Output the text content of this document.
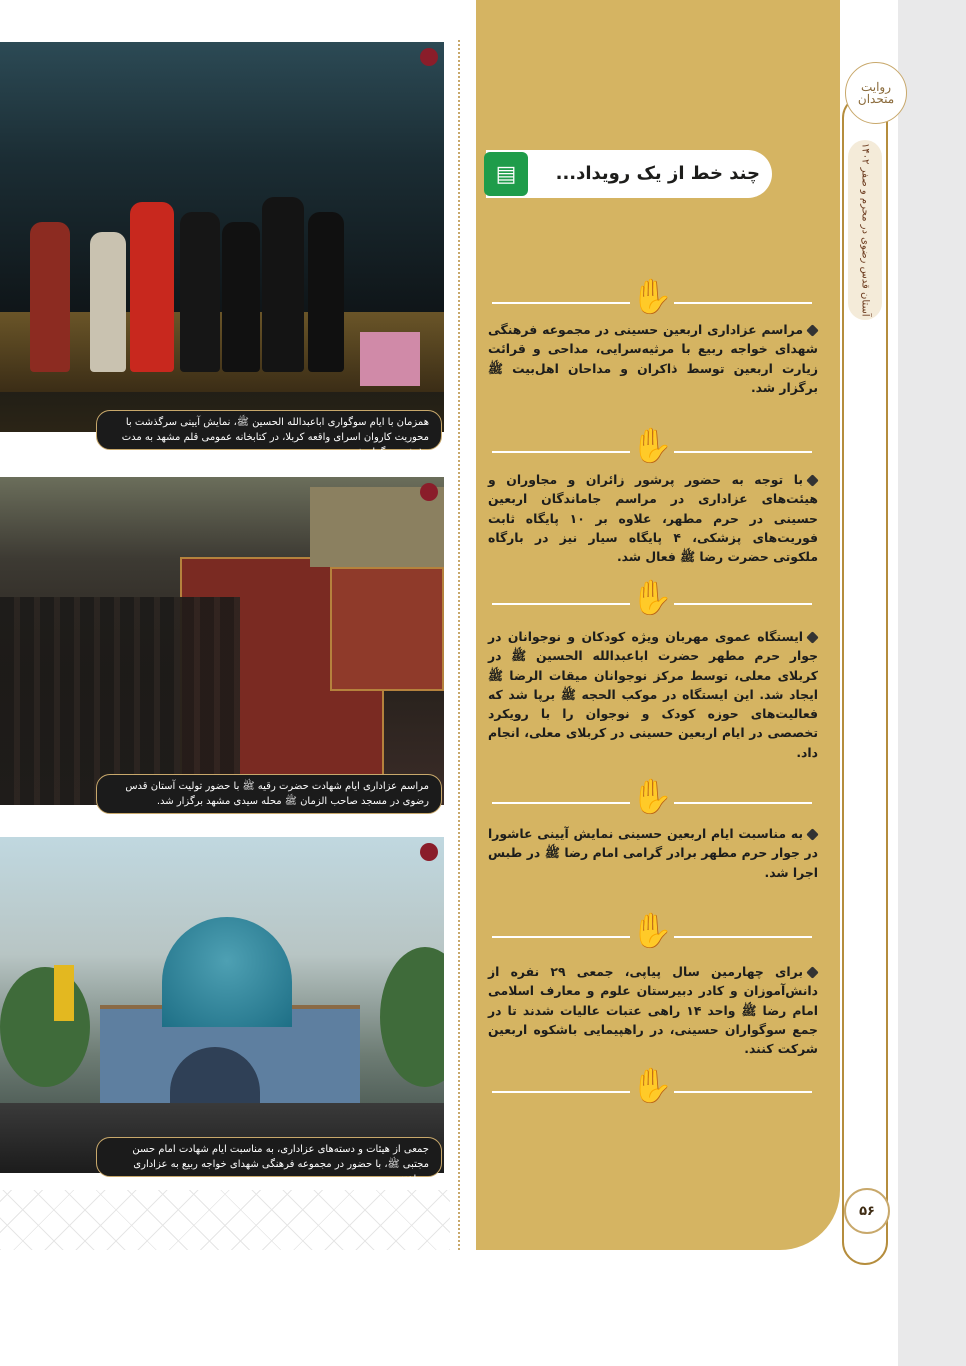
آستان قدس رضوی در محرم و صفر ۱۴۰۲
روایت متحدان
۵۶
چند خط از یک رویداد...
▤
✋
✋
✋
✋
✋
✋
مراسم عزاداری اربعین حسینی در مجموعه فرهنگی شهدای خواجه ربیع با مرثیه‌سرایی، مداحی و قرائت زیارت اربعین توسط ذاکران و مداحان اهل‌بیت ﷺ برگزار شد.
با توجه به حضور پرشور زائران و مجاوران و هیئت‌های عزاداری در مراسم جاماندگان اربعین حسینی در حرم مطهر، علاوه بر ۱۰ پایگاه ثابت فوریت‌های پزشکی، ۴ پایگاه سیار نیز در بارگاه ملکوتی حضرت رضا ﷺ فعال شد.
ایستگاه عموی مهربان ویژه کودکان و نوجوانان در جوار حرم مطهر حضرت اباعبدالله الحسین ﷺ در کربلای معلی، توسط مرکز نوجوانان میقات الرضا ﷺ ایجاد شد. این ایستگاه در موکب الحجه ﷺ برپا شد که فعالیت‌های حوزه کودک و نوجوان را با رویکرد تخصصی در ایام اربعین حسینی در کربلای معلی، انجام داد.
به مناسبت ایام اربعین حسینی نمایش آیینی عاشورا در جوار حرم مطهر برادر گرامی امام رضا ﷺ در طبس اجرا شد.
برای چهارمین سال پیاپی، جمعی ۲۹ نفره از دانش‌آموزان و کادر دبیرستان علوم و معارف اسلامی امام رضا ﷺ واحد ۱۴ راهی عتبات عالیات شدند تا در جمع سوگواران حسینی، در راهپیمایی باشکوه اربعین شرکت کنند.
همزمان با ایام سوگواری اباعبدالله الحسین ﷺ، نمایش آیینی سرگذشت با محوریت کاروان اسرای واقعه کربلا، در کتابخانه عمومی قلم مشهد به مدت ۱۰ شب برگزار شد.
مراسم عزاداری ایام شهادت حضرت رقیه ﷺ با حضور تولیت آستان قدس رضوی در مسجد صاحب الزمان ﷺ محله سیدی مشهد برگزار شد.
جمعی از هیئات و دسته‌های عزاداری، به مناسبت ایام شهادت امام حسن مجتبی ﷺ، با حضور در مجموعه فرهنگی شهدای خواجه ربیع به عزاداری پرداختند.
